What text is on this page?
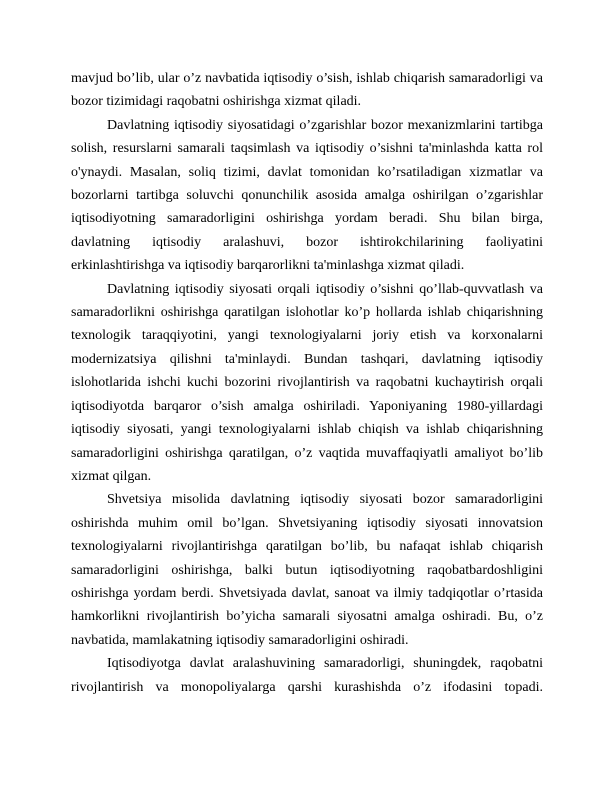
mavjud bo’lib, ular o’z navbatida iqtisodiy o’sish, ishlab chiqarish samaradorligi va bozor tizimidagi raqobatni oshirishga xizmat qiladi.

Davlatning iqtisodiy siyosatidagi o’zgarishlar bozor mexanizmlarini tartibga solish, resurslarni samarali taqsimlash va iqtisodiy o’sishni ta'minlashda katta rol o'ynaydi. Masalan, soliq tizimi, davlat tomonidan ko’rsatiladigan xizmatlar va bozorlarni tartibga soluvchi qonunchilik asosida amalga oshirilgan o’zgarishlar iqtisodiyotning samaradorligini oshirishga yordam beradi. Shu bilan birga, davlatning iqtisodiy aralashuvi, bozor ishtirokchilarining faoliyatini erkinlashtirishga va iqtisodiy barqarorlikni ta'minlashga xizmat qiladi.

Davlatning iqtisodiy siyosati orqali iqtisodiy o’sishni qo’llab-quvvatlash va samaradorlikni oshirishga qaratilgan islohotlar ko’p hollarda ishlab chiqarishning texnologik taraqqiyotini, yangi texnologiyalarni joriy etish va korxonalarni modernizatsiya qilishni ta'minlaydi. Bundan tashqari, davlatning iqtisodiy islohotlarida ishchi kuchi bozorini rivojlantirish va raqobatni kuchaytirish orqali iqtisodiyotda barqaror o’sish amalga oshiriladi. Yaponiyaning 1980-yillardagi iqtisodiy siyosati, yangi texnologiyalarni ishlab chiqish va ishlab chiqarishning samaradorligini oshirishga qaratilgan, o’z vaqtida muvaffaqiyatli amaliyot bo’lib xizmat qilgan.

Shvetsiya misolida davlatning iqtisodiy siyosati bozor samaradorligini oshirishda muhim omil bo’lgan. Shvetsiyaning iqtisodiy siyosati innovatsion texnologiyalarni rivojlantirishga qaratilgan bo’lib, bu nafaqat ishlab chiqarish samaradorligini oshirishga, balki butun iqtisodiyotning raqobatbardoshligini oshirishga yordam berdi. Shvetsiyada davlat, sanoat va ilmiy tadqiqotlar o’rtasida hamkorlikni rivojlantirish bo’yicha samarali siyosatni amalga oshiradi. Bu, o’z navbatida, mamlakatning iqtisodiy samaradorligini oshiradi.

Iqtisodiyotga davlat aralashuvining samaradorligi, shuningdek, raqobatni rivojlantirish va monopoliyalarga qarshi kurashishda o’z ifodasini topadi.
